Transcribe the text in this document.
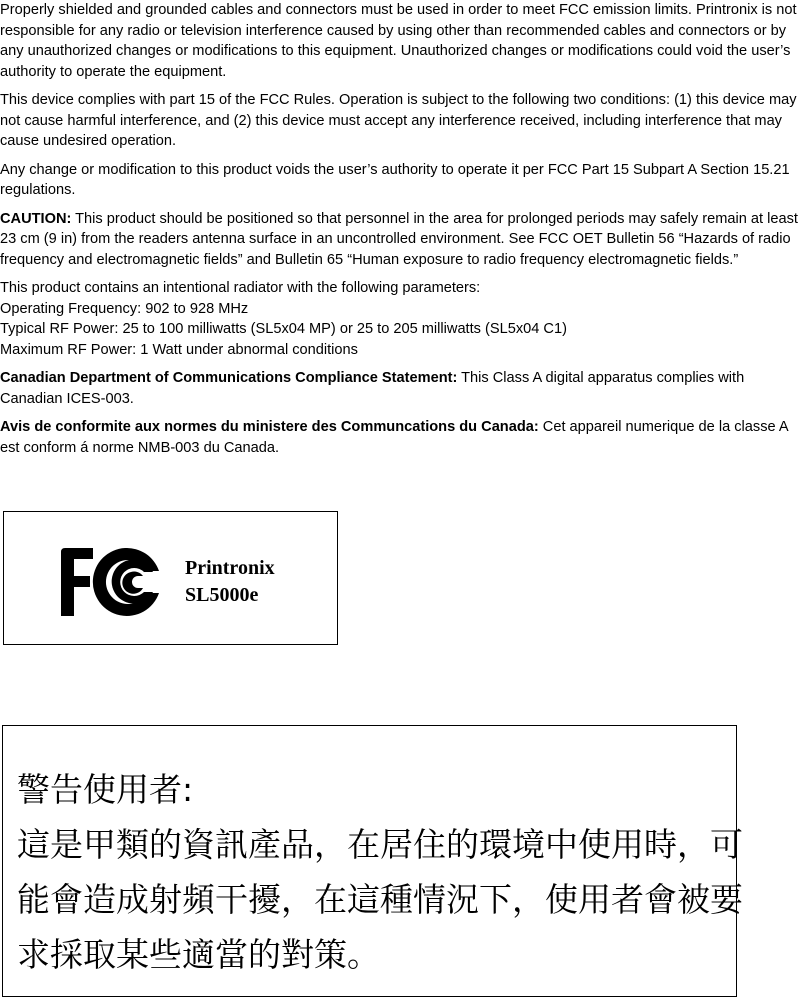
Properly shielded and grounded cables and connectors must be used in order to meet FCC emission limits. Printronix is not responsible for any radio or television interference caused by using other than recommended cables and connectors or by any unauthorized changes or modifications to this equipment. Unauthorized changes or modifications could void the user’s authority to operate the equipment.

This device complies with part 15 of the FCC Rules. Operation is subject to the following two conditions: (1) this device may not cause harmful interference, and (2) this device must accept any interference received, including interference that may cause undesired operation.

Any change or modification to this product voids the user’s authority to operate it per FCC Part 15 Subpart A Section 15.21 regulations.

CAUTION: This product should be positioned so that personnel in the area for prolonged periods may safely remain at least 23 cm (9 in) from the readers antenna surface in an uncontrolled environment. See FCC OET Bulletin 56 “Hazards of radio frequency and electromagnetic fields” and Bulletin 65 “Human exposure to radio frequency electromagnetic fields.”

This product contains an intentional radiator with the following parameters:
Operating Frequency: 902 to 928 MHz
Typical RF Power: 25 to 100 milliwatts (SL5x04 MP) or 25 to 205 milliwatts (SL5x04 C1)
Maximum RF Power: 1 Watt under abnormal conditions

Canadian Department of Communications Compliance Statement: This Class A digital apparatus complies with Canadian ICES-003.

Avis de conformite aux normes du ministere des Communcations du Canada: Cet appareil numerique de la classe A est conform á norme NMB-003 du Canada.

Printronix
SL5000e
警告使用者:
這是甲類的資訊產品，在居住的環境中使用時，可
能會造成射頻干擾，在這種情況下，使用者會被要
求採取某些適當的對策。
